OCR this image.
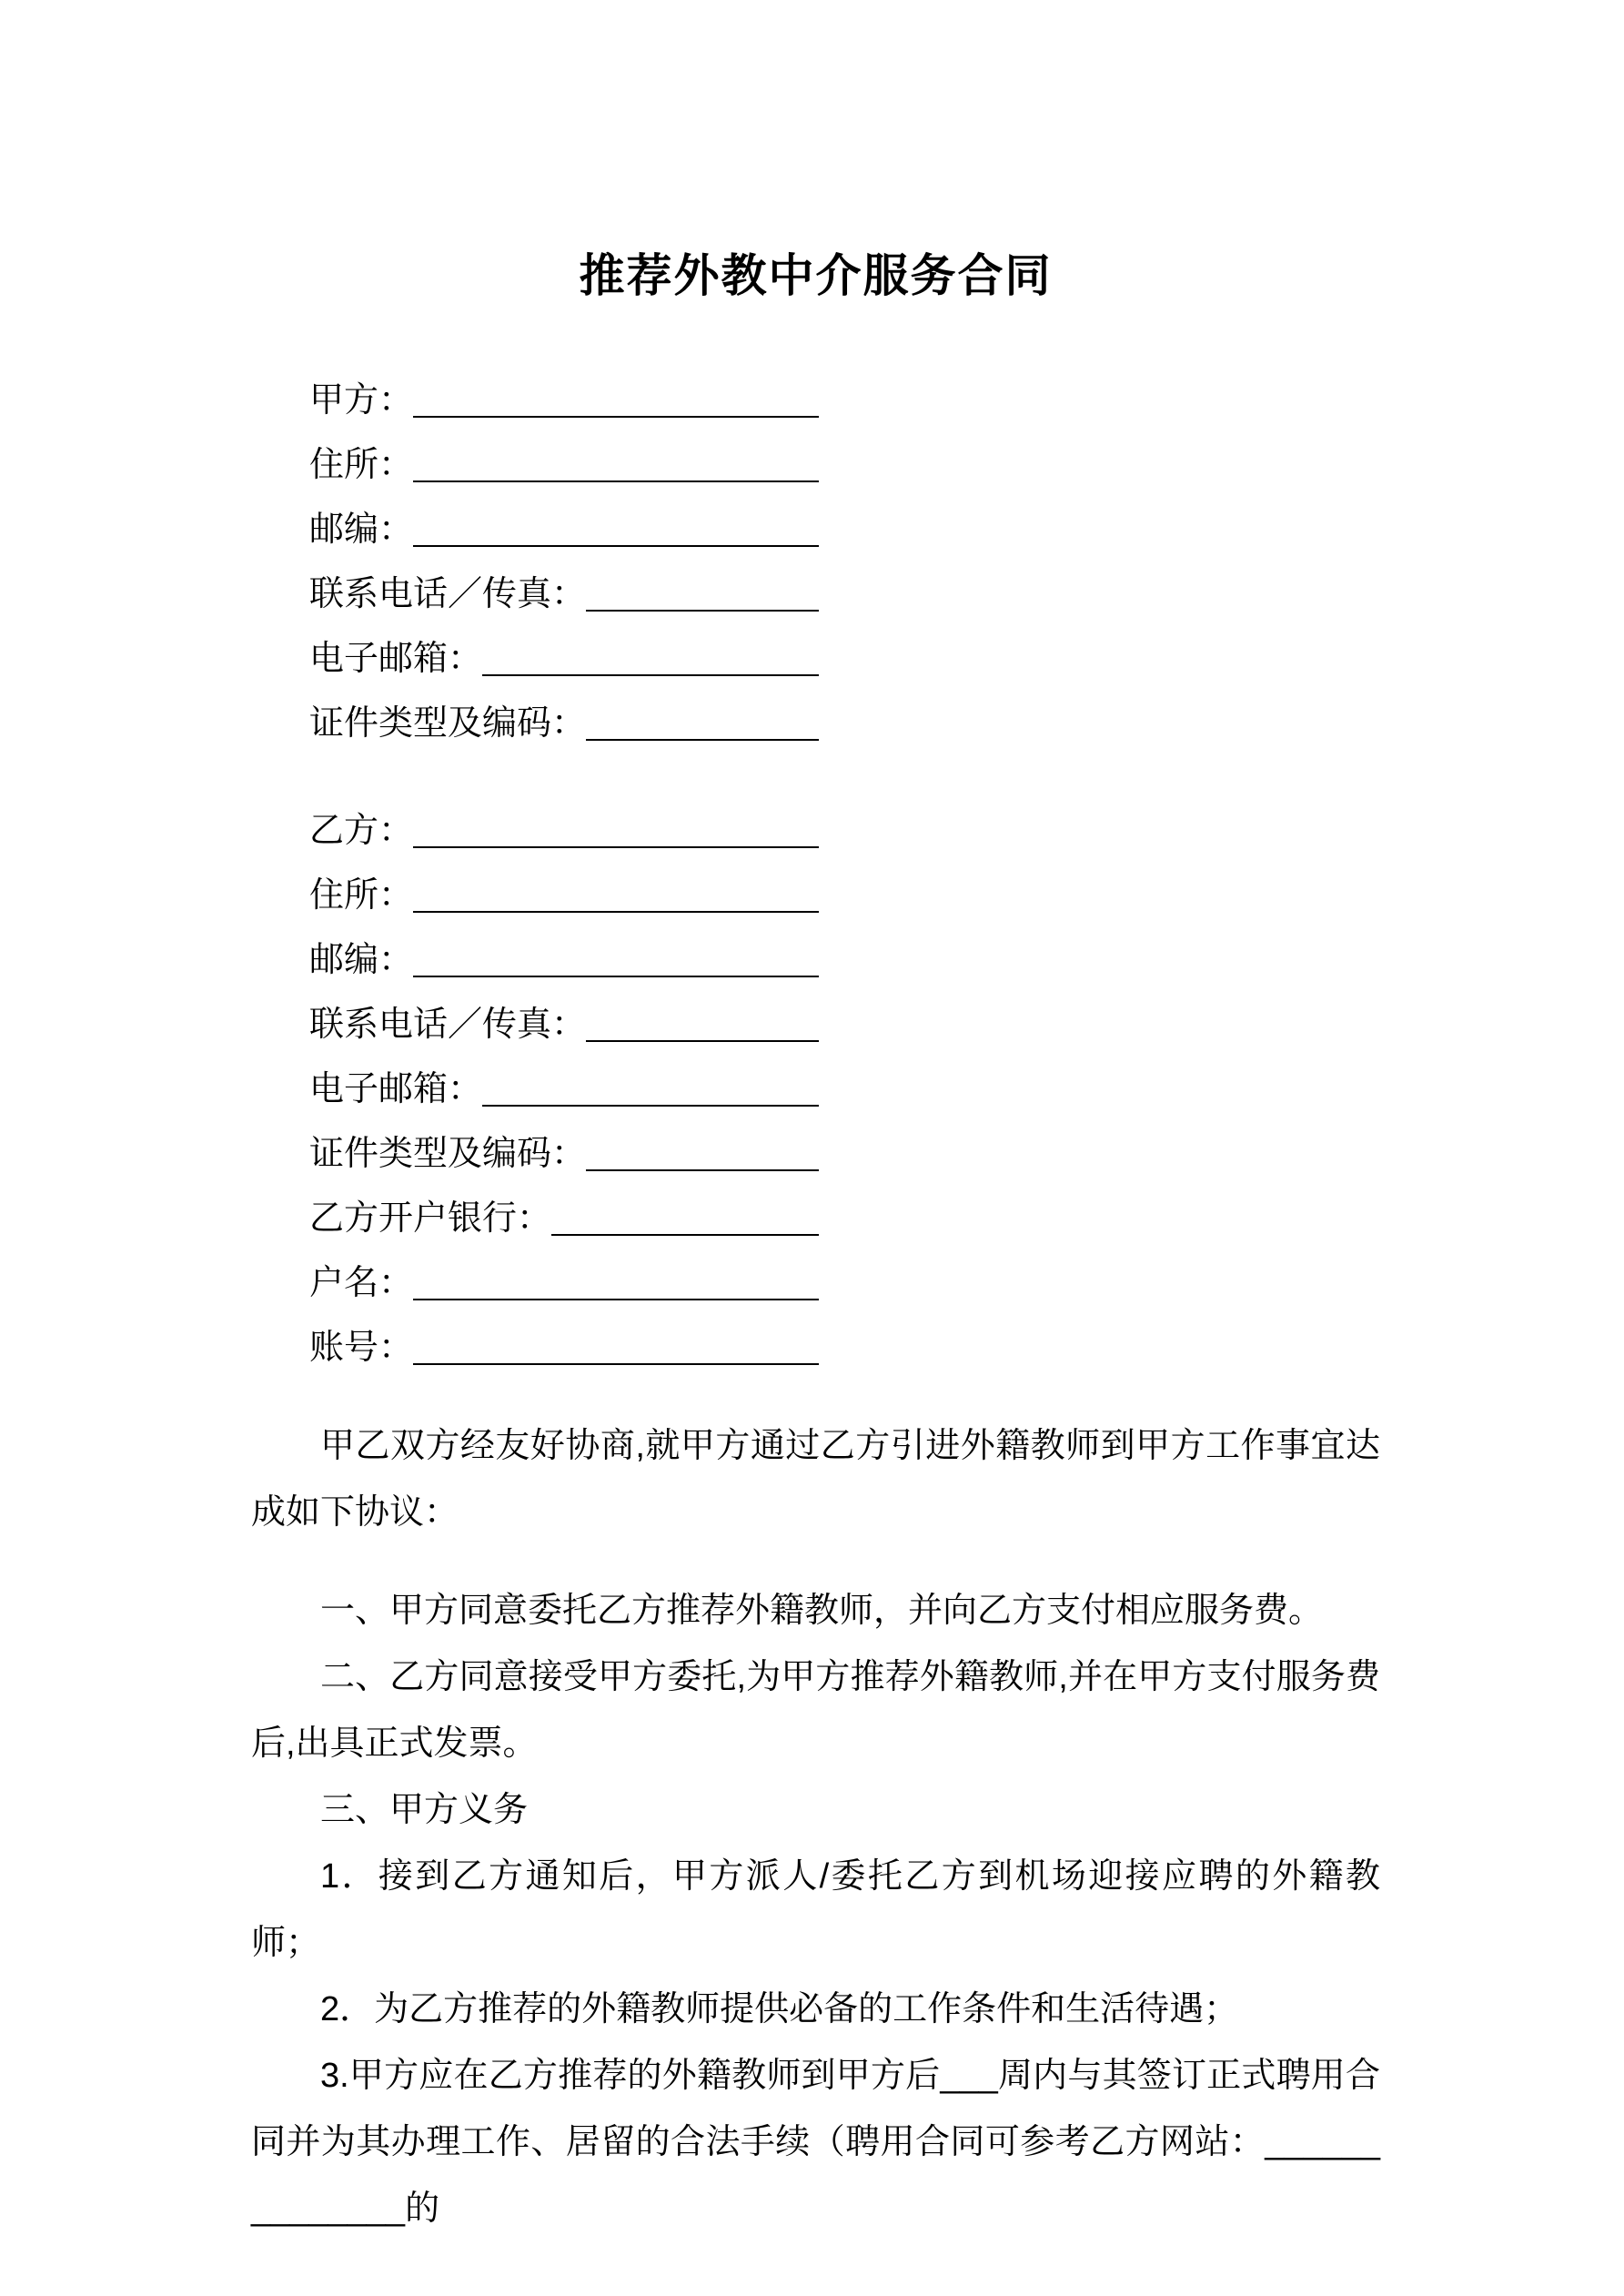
推荐外教中介服务合同
甲方：
住所：
邮编：
联系电话／传真：
电子邮箱：
证件类型及编码：
乙方：
住所：
邮编：
联系电话／传真：
电子邮箱：
证件类型及编码：
乙方开户银行：
户名：
账号：

甲乙双方经友好协商,就甲方通过乙方引进外籍教师到甲方工作事宜达成如下协议：

一、甲方同意委托乙方推荐外籍教师，并向乙方支付相应服务费。

二、乙方同意接受甲方委托,为甲方推荐外籍教师,并在甲方支付服务费后,出具正式发票。

三、甲方义务

1．接到乙方通知后，甲方派人/委托乙方到机场迎接应聘的外籍教师；

2．为乙方推荐的外籍教师提供必备的工作条件和生活待遇；

3.甲方应在乙方推荐的外籍教师到甲方后___周内与其签订正式聘用合同并为其办理工作、居留的合法手续（聘用合同可参考乙方网站：______________的
